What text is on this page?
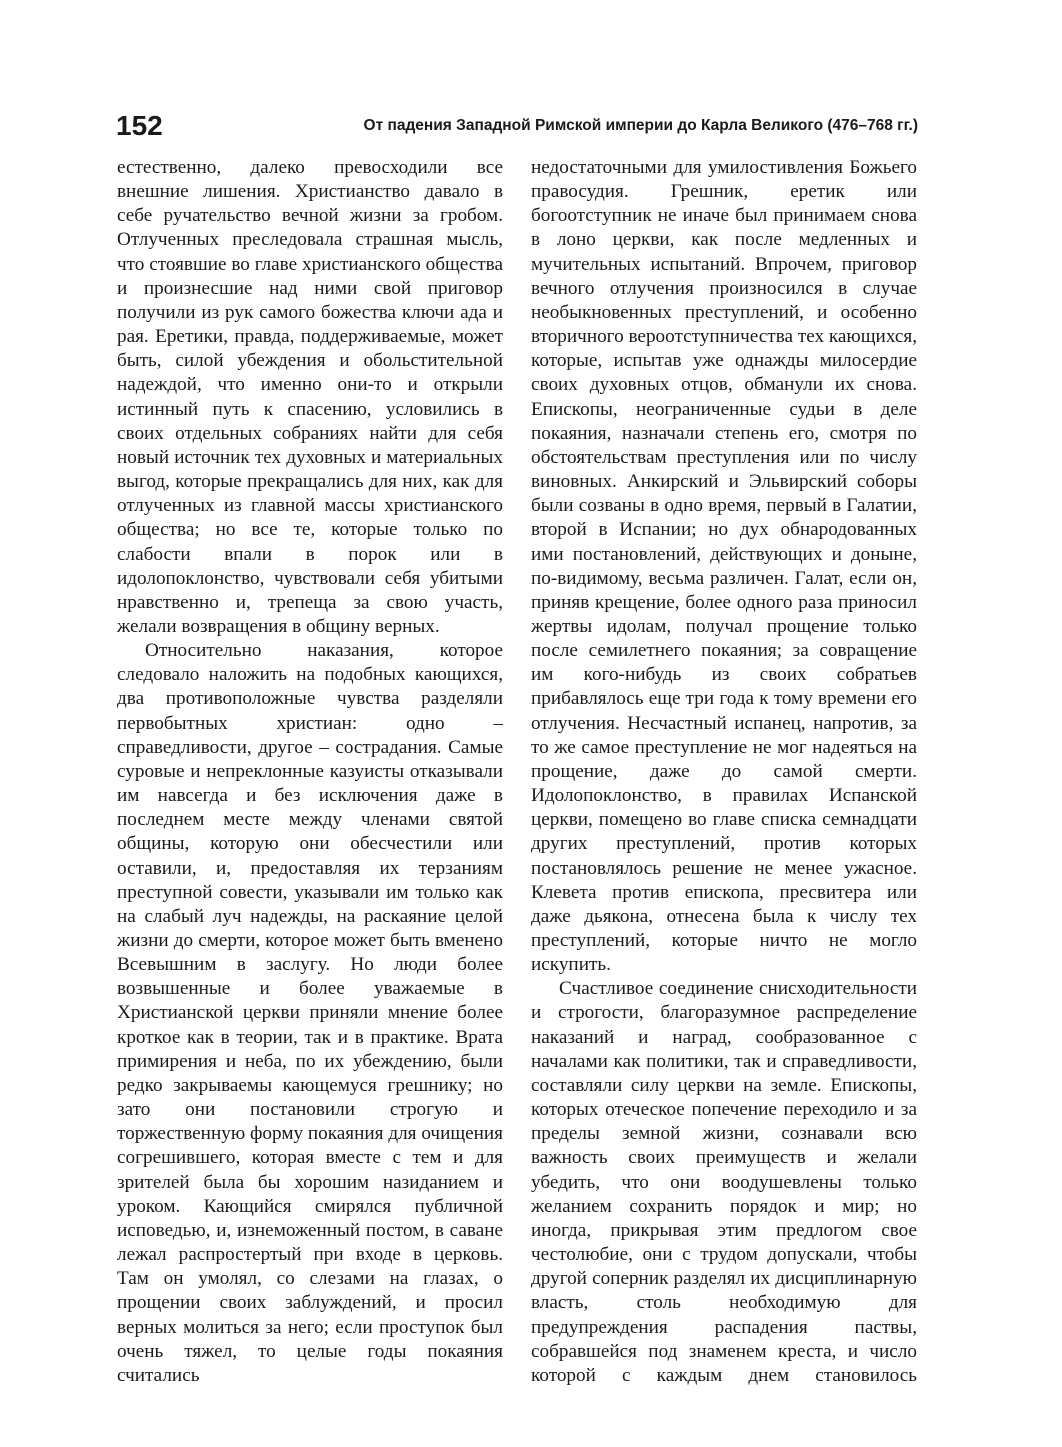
152	От падения Западной Римской империи до Карла Великого (476–768 гг.)

естественно, далеко превосходили все внешние лишения. Христианство давало в себе ручательство вечной жизни за гробом. Отлученных преследовала страшная мысль, что стоявшие во главе христианского общества и произнесшие над ними свой приговор получили из рук самого божества ключи ада и рая. Еретики, правда, поддерживаемые, может быть, силой убеждения и обольстительной надеждой, что именно они-то и открыли истинный путь к спасению, условились в своих отдельных собраниях найти для себя новый источник тех духовных и материальных выгод, которые прекращались для них, как для отлученных из главной массы христианского общества; но все те, которые только по слабости впали в порок или в идолопоклонство, чувствовали себя убитыми нравственно и, трепеща за свою участь, желали возвращения в общину верных.

Относительно наказания, которое следовало наложить на подобных кающихся, два противоположные чувства разделяли первобытных христиан: одно – справедливости, другое – сострадания. Самые суровые и непреклонные казуисты отказывали им навсегда и без исключения даже в последнем месте между членами святой общины, которую они обесчестили или оставили, и, предоставляя их терзаниям преступной совести, указывали им только как на слабый луч надежды, на раскаяние целой жизни до смерти, которое может быть вменено Всевышним в заслугу. Но люди более возвышенные и более уважаемые в Христианской церкви приняли мнение более кроткое как в теории, так и в практике. Врата примирения и неба, по их убеждению, были редко закрываемы кающемуся грешнику; но зато они постановили строгую и торжественную форму покаяния для очищения согрешившего, которая вместе с тем и для зрителей была бы хорошим назиданием и уроком. Кающийся смирялся публичной исповедью, и, изнеможенный постом, в саване лежал распростертый при входе в церковь. Там он умолял, со слезами на глазах, о прощении своих заблуждений, и просил верных молиться за него; если проступок был очень тяжел, то целые годы покаяния считались

недостаточными для умилостивления Божьего правосудия. Грешник, еретик или богоотступник не иначе был принимаем снова в лоно церкви, как после медленных и мучительных испытаний. Впрочем, приговор вечного отлучения произносился в случае необыкновенных преступлений, и особенно вторичного вероотступничества тех кающихся, которые, испытав уже однажды милосердие своих духовных отцов, обманули их снова. Епископы, неограниченные судьи в деле покаяния, назначали степень его, смотря по обстоятельствам преступления или по числу виновных. Анкирский и Эльвирский соборы были созваны в одно время, первый в Галатии, второй в Испании; но дух обнародованных ими постановлений, действующих и доныне, по-видимому, весьма различен. Галат, если он, приняв крещение, более одного раза приносил жертвы идолам, получал прощение только после семилетнего покаяния; за совращение им кого-нибудь из своих собратьев прибавлялось еще три года к тому времени его отлучения. Несчастный испанец, напротив, за то же самое преступление не мог надеяться на прощение, даже до самой смерти. Идолопоклонство, в правилах Испанской церкви, помещено во главе списка семнадцати других преступлений, против которых постановлялось решение не менее ужасное. Клевета против епископа, пресвитера или даже дьякона, отнесена была к числу тех преступлений, которые ничто не могло искупить.

Счастливое соединение снисходительности и строгости, благоразумное распределение наказаний и наград, сообразованное с началами как политики, так и справедливости, составляли силу церкви на земле. Епископы, которых отеческое попечение переходило и за пределы земной жизни, сознавали всю важность своих преимуществ и желали убедить, что они воодушевлены только желанием сохранить порядок и мир; но иногда, прикрывая этим предлогом свое честолюбие, они с трудом допускали, чтобы другой соперник разделял их дисциплинарную власть, столь необходимую для предупреждения распадения паствы, собравшейся под знаменем креста, и число которой с каждым днем становилось
